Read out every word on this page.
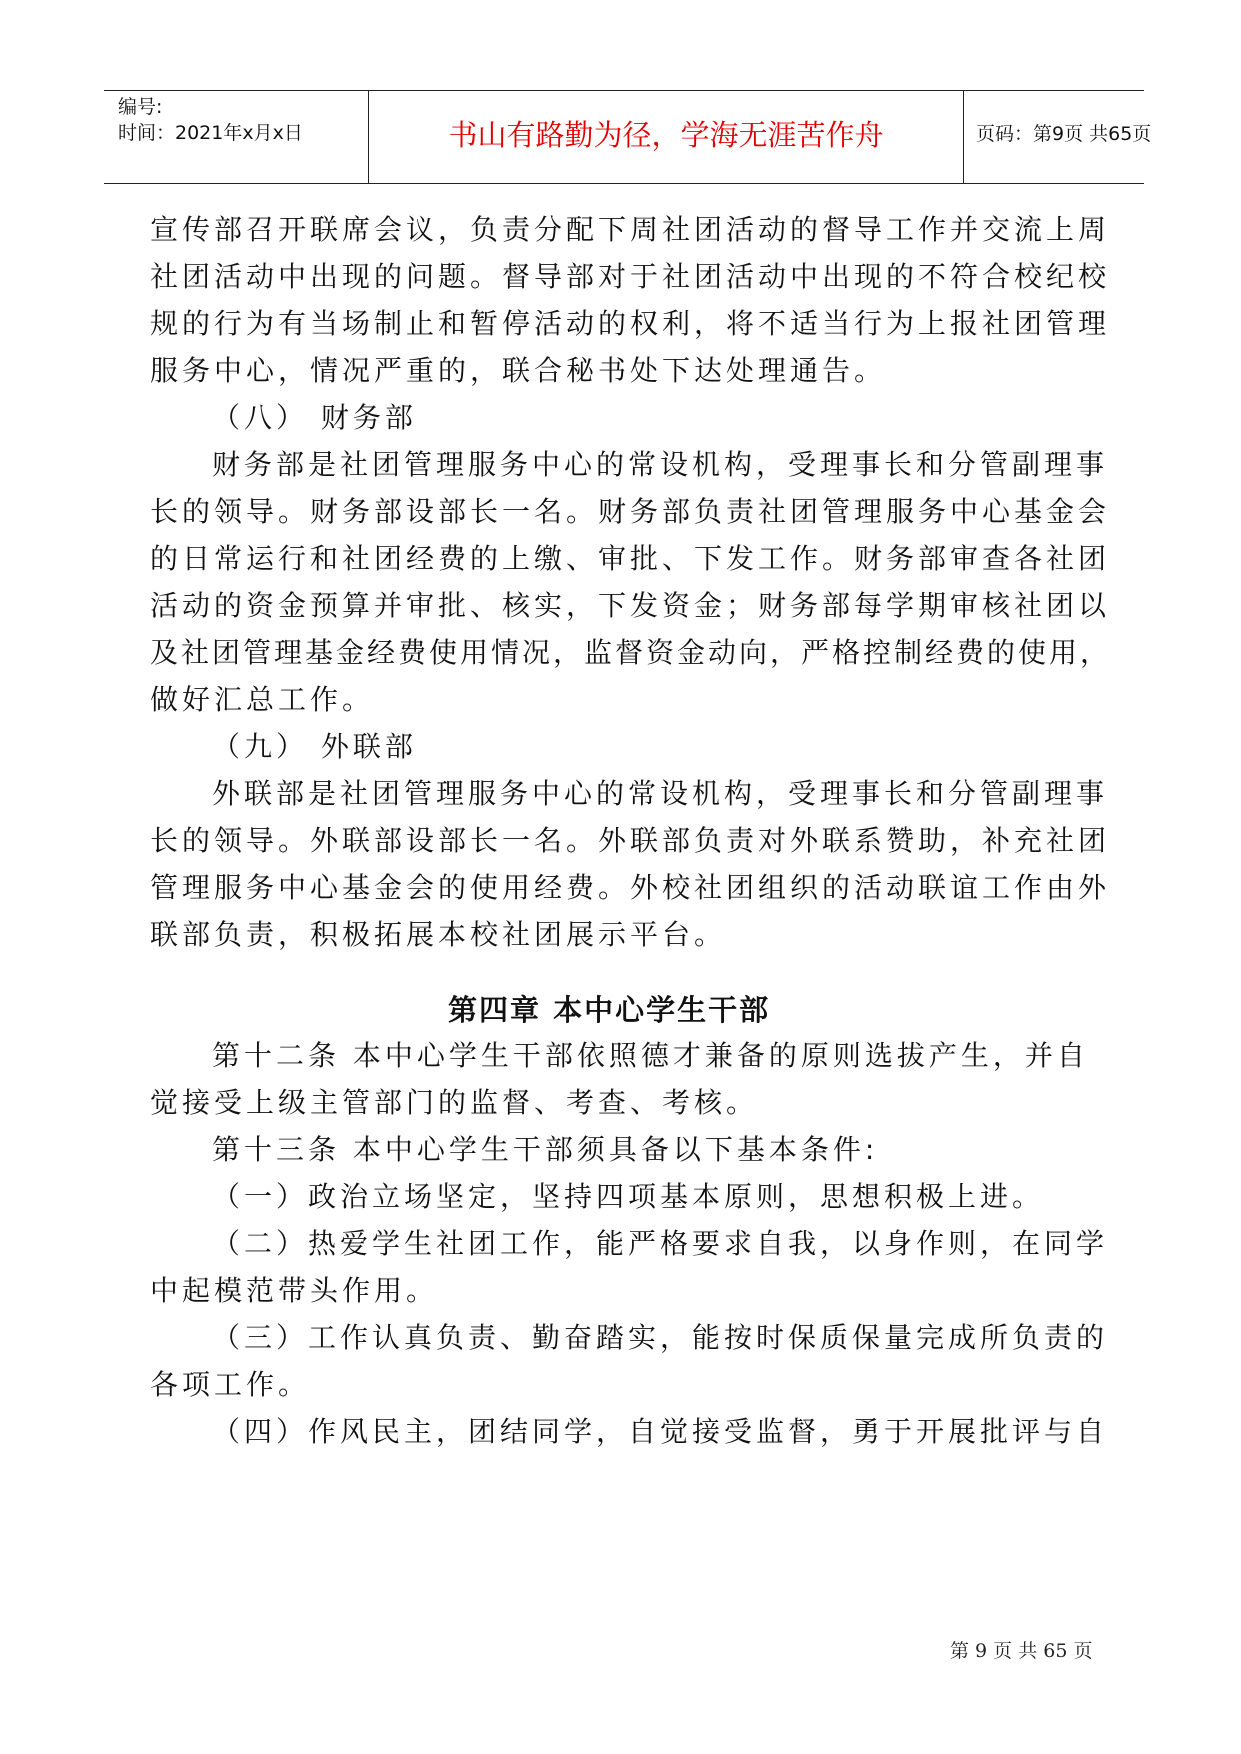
编号:
时间：2021年x月x日	书山有路勤为径，学海无涯苦作舟	页码：第9页 共65页
宣传部召开联席会议，负责分配下周社团活动的督导工作并交流上周
社团活动中出现的问题。督导部对于社团活动中出现的不符合校纪校
规的行为有当场制止和暂停活动的权利，将不适当行为上报社团管理
服务中心，情况严重的，联合秘书处下达处理通告。
（八） 财务部
财务部是社团管理服务中心的常设机构，受理事长和分管副理事
长的领导。财务部设部长一名。财务部负责社团管理服务中心基金会
的日常运行和社团经费的上缴、审批、下发工作。财务部审查各社团
活动的资金预算并审批、核实，下发资金；财务部每学期审核社团以
及社团管理基金经费使用情况，监督资金动向，严格控制经费的使用，
做好汇总工作。
（九） 外联部
外联部是社团管理服务中心的常设机构，受理事长和分管副理事
长的领导。外联部设部长一名。外联部负责对外联系赞助，补充社团
管理服务中心基金会的使用经费。外校社团组织的活动联谊工作由外
联部负责，积极拓展本校社团展示平台。
第四章 本中心学生干部
第十二条 本中心学生干部依照德才兼备的原则选拔产生，并自
觉接受上级主管部门的监督、考查、考核。
第十三条 本中心学生干部须具备以下基本条件:
（一）政治立场坚定，坚持四项基本原则，思想积极上进。
（二）热爱学生社团工作，能严格要求自我，以身作则，在同学
中起模范带头作用。
（三）工作认真负责、勤奋踏实，能按时保质保量完成所负责的
各项工作。
（四）作风民主，团结同学，自觉接受监督，勇于开展批评与自
第 9 页 共 65 页
